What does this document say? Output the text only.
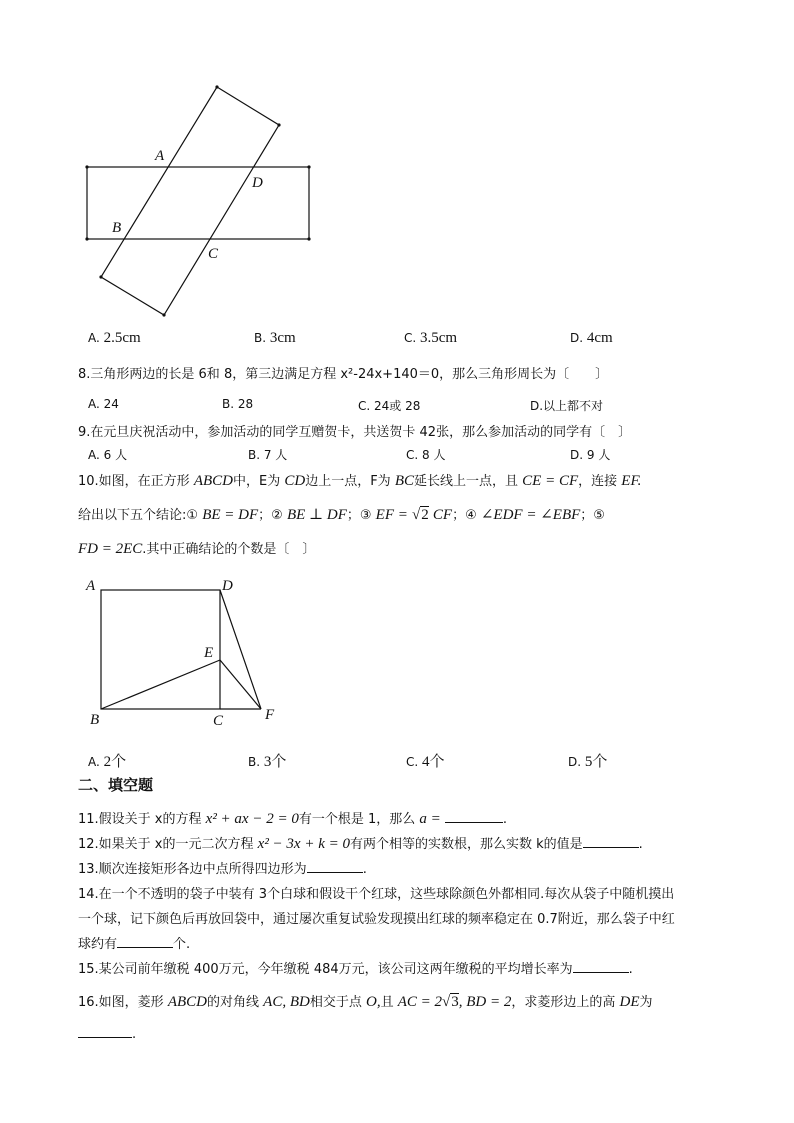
A
B
C
D
A. 2.5cm	B. 3cm	C. 3.5cm	D. 4cm
8.三角形两边的长是 6和 8，第三边满足方程 x²-24x+140＝0，那么三角形周长为〔　　〕
A. 24	B. 28	C. 24或 28	D.以上都不对
9.在元旦庆祝活动中，参加活动的同学互赠贺卡，共送贺卡 42张，那么参加活动的同学有〔　〕
A. 6 人	B. 7 人	C. 8 人	D. 9 人
10.如图，在正方形 ABCD中，E为 CD边上一点，F为 BC延长线上一点，且 CE = CF，连接 EF.
给出以下五个结论:① BE = DF；② BE ⊥ DF；③ EF = √2 CF；④ ∠EDF = ∠EBF；⑤
FD = 2EC.其中正确结论的个数是〔　〕
A	D
E
B	C	F
A. 2个	B. 3个	C. 4个	D. 5个
二、填空题
11.假设关于 x的方程 x² + ax − 2 = 0有一个根是 1，那么 a =	.
12.如果关于 x的一元二次方程 x² − 3x + k = 0有两个相等的实数根，那么实数 k的值是	.
13.顺次连接矩形各边中点所得四边形为	.
14.在一个不透明的袋子中装有 3个白球和假设干个红球，这些球除颜色外都相同.每次从袋子中随机摸出
一个球，记下颜色后再放回袋中，通过屡次重复试验发现摸出红球的频率稳定在 0.7附近，那么袋子中红
球约有	个.
15.某公司前年缴税 400万元，今年缴税 484万元，该公司这两年缴税的平均增长率为	.
16.如图，菱形 ABCD的对角线 AC, BD相交于点 O,且 AC = 2√3, BD = 2，求菱形边上的高 DE为
.
